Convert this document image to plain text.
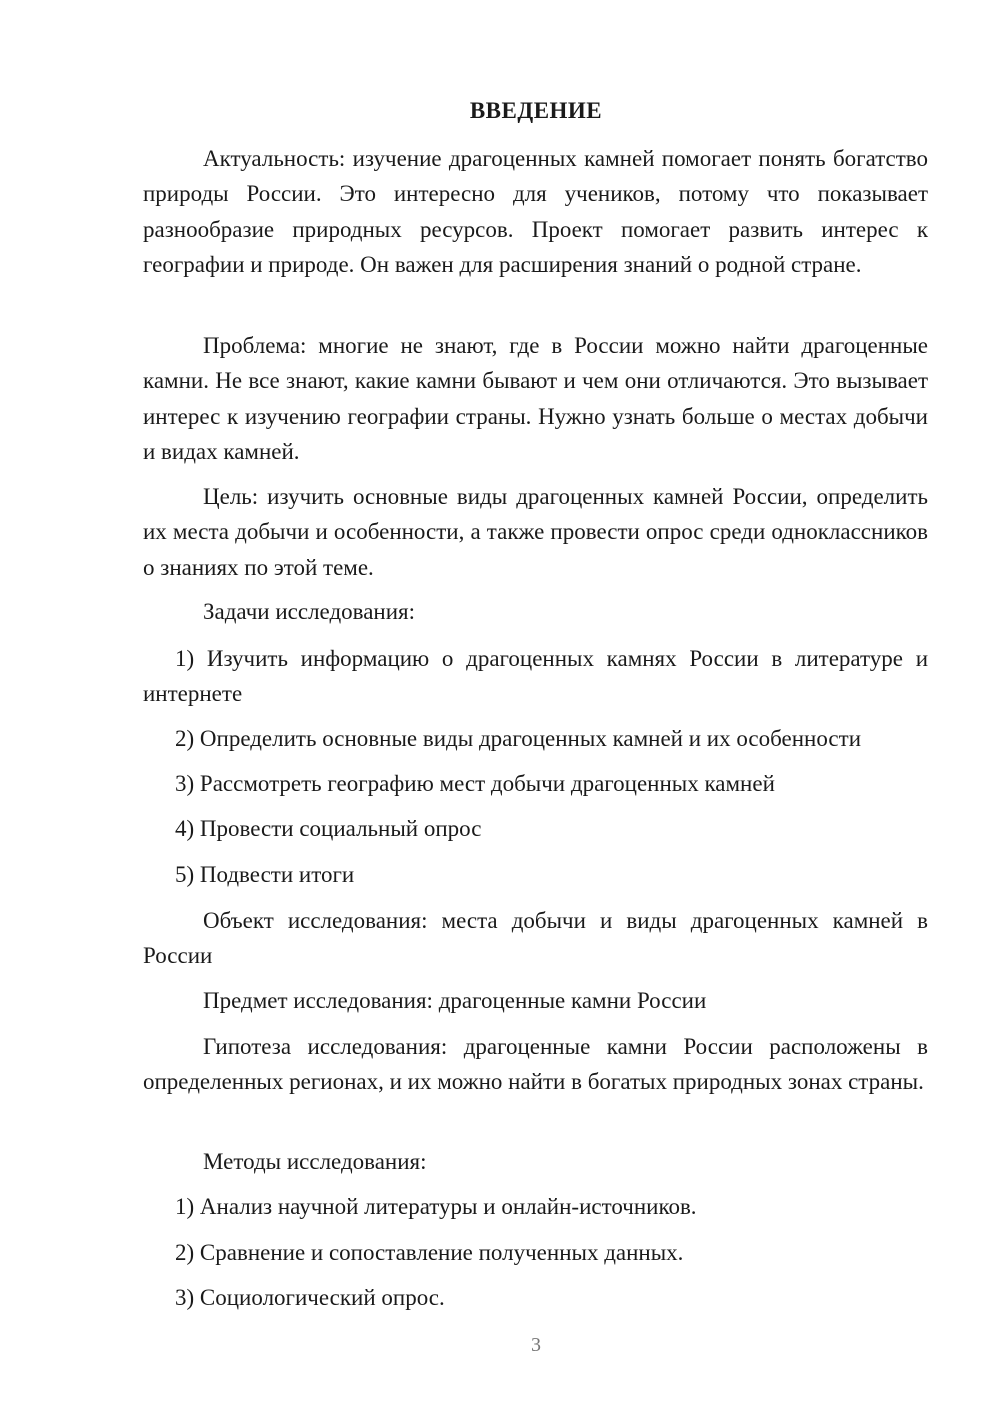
ВВЕДЕНИЕ

Актуальность: изучение драгоценных камней помогает понять богатство природы России. Это интересно для учеников, потому что показывает разнообразие природных ресурсов. Проект помогает развить интерес к географии и природе. Он важен для расширения знаний о родной стране.

Проблема: многие не знают, где в России можно найти драгоценные камни. Не все знают, какие камни бывают и чем они отличаются. Это вызывает интерес к изучению географии страны. Нужно узнать больше о местах добычи и видах камней.

Цель: изучить основные виды драгоценных камней России, определить их места добычи и особенности, а также провести опрос среди одноклассников о знаниях по этой теме.

Задачи исследования:

1) Изучить информацию о драгоценных камнях России в литературе и интернете

2) Определить основные виды драгоценных камней и их особенности
3) Рассмотреть географию мест добычи драгоценных камней
4) Провести социальный опрос
5) Подвести итоги

Объект исследования: места добычи и виды драгоценных камней в России

Предмет исследования: драгоценные камни России

Гипотеза исследования: драгоценные камни России расположены в определенных регионах, и их можно найти в богатых природных зонах страны.

Методы исследования:
1) Анализ научной литературы и онлайн-источников.
2) Сравнение и сопоставление полученных данных.
3) Социологический опрос.
3
